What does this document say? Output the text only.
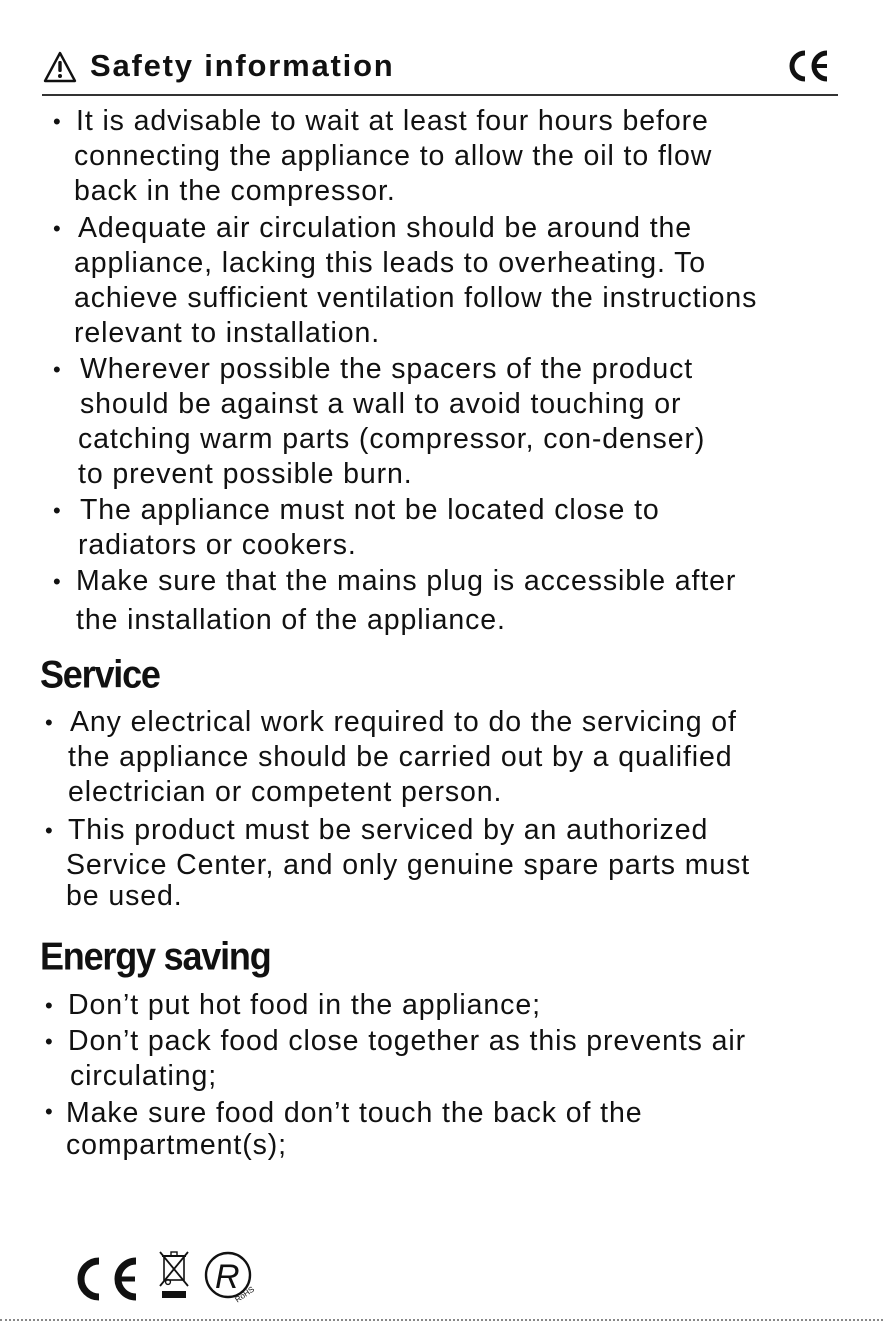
Safety information
• It is advisable to wait at least four hours before
connecting the appliance to allow the oil to flow
back in the compressor.
• Adequate air circulation should be around the
appliance, lacking this leads to overheating. To
achieve sufficient ventilation follow the instructions
relevant to installation.
• Wherever possible the spacers of the product
should be against a wall to avoid touching or
catching warm parts (compressor, con-denser)
to prevent possible burn.
• The appliance must not be located close to
radiators or cookers.
• Make sure that the mains plug is accessible after
the installation of the appliance.
Service
• Any electrical work required to do the servicing of
the appliance should be carried out by a qualified
electrician or competent person.
• This product must be serviced by an authorized
Service Center, and only genuine spare parts must
be used.
Energy saving
• Don’t put hot food in the appliance;
• Don’t pack food close together as this prevents air
circulating;
• Make sure food don’t touch the back of the
compartment(s);
R
RoHS
